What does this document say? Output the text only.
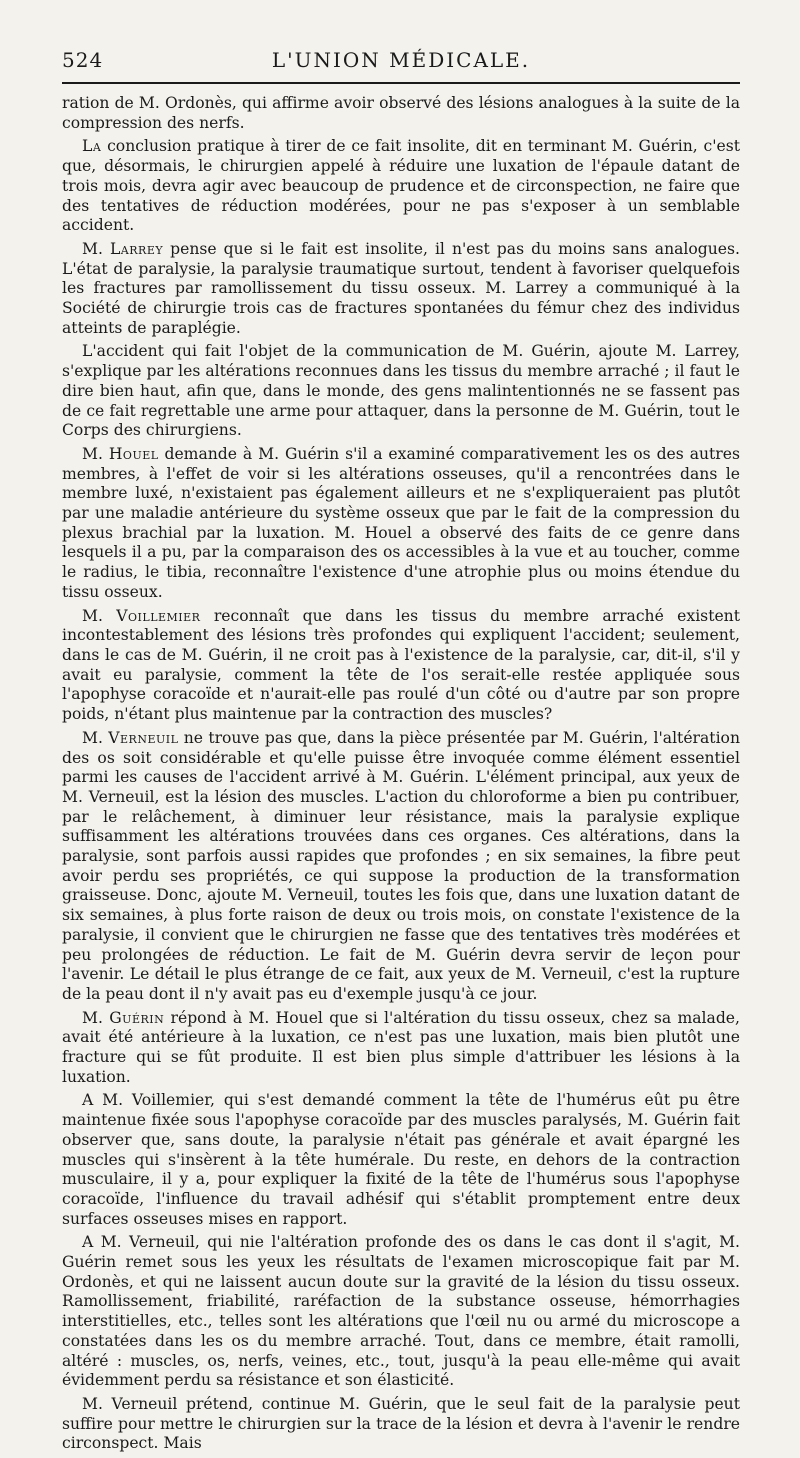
524	L'UNION MÉDICALE.

ration de M. Ordonès, qui affirme avoir observé des lésions analogues à la suite de la compression des nerfs.

La conclusion pratique à tirer de ce fait insolite, dit en terminant M. Guérin, c'est que, désormais, le chirurgien appelé à réduire une luxation de l'épaule datant de trois mois, devra agir avec beaucoup de prudence et de circonspection, ne faire que des tentatives de réduction modérées, pour ne pas s'exposer à un semblable accident.

M. Larrey pense que si le fait est insolite, il n'est pas du moins sans analogues. L'état de paralysie, la paralysie traumatique surtout, tendent à favoriser quelquefois les fractures par ramollissement du tissu osseux. M. Larrey a communiqué à la Société de chirurgie trois cas de fractures spontanées du fémur chez des individus atteints de paraplégie.

L'accident qui fait l'objet de la communication de M. Guérin, ajoute M. Larrey, s'explique par les altérations reconnues dans les tissus du membre arraché ; il faut le dire bien haut, afin que, dans le monde, des gens malintentionnés ne se fassent pas de ce fait regrettable une arme pour attaquer, dans la personne de M. Guérin, tout le Corps des chirurgiens.

M. Houel demande à M. Guérin s'il a examiné comparativement les os des autres membres, à l'effet de voir si les altérations osseuses, qu'il a rencontrées dans le membre luxé, n'existaient pas également ailleurs et ne s'expliqueraient pas plutôt par une maladie antérieure du système osseux que par le fait de la compression du plexus brachial par la luxation. M. Houel a observé des faits de ce genre dans lesquels il a pu, par la comparaison des os accessibles à la vue et au toucher, comme le radius, le tibia, reconnaître l'existence d'une atrophie plus ou moins étendue du tissu osseux.

M. Voillemier reconnaît que dans les tissus du membre arraché existent incontestablement des lésions très profondes qui expliquent l'accident; seulement, dans le cas de M. Guérin, il ne croit pas à l'existence de la paralysie, car, dit-il, s'il y avait eu paralysie, comment la tête de l'os serait-elle restée appliquée sous l'apophyse coracoïde et n'aurait-elle pas roulé d'un côté ou d'autre par son propre poids, n'étant plus maintenue par la contraction des muscles?

M. Verneuil ne trouve pas que, dans la pièce présentée par M. Guérin, l'altération des os soit considérable et qu'elle puisse être invoquée comme élément essentiel parmi les causes de l'accident arrivé à M. Guérin. L'élément principal, aux yeux de M. Verneuil, est la lésion des muscles. L'action du chloroforme a bien pu contribuer, par le relâchement, à diminuer leur résistance, mais la paralysie explique suffisamment les altérations trouvées dans ces organes. Ces altérations, dans la paralysie, sont parfois aussi rapides que profondes ; en six semaines, la fibre peut avoir perdu ses propriétés, ce qui suppose la production de la transformation graisseuse. Donc, ajoute M. Verneuil, toutes les fois que, dans une luxation datant de six semaines, à plus forte raison de deux ou trois mois, on constate l'existence de la paralysie, il convient que le chirurgien ne fasse que des tentatives très modérées et peu prolongées de réduction. Le fait de M. Guérin devra servir de leçon pour l'avenir. Le détail le plus étrange de ce fait, aux yeux de M. Verneuil, c'est la rupture de la peau dont il n'y avait pas eu d'exemple jusqu'à ce jour.

M. Guérin répond à M. Houel que si l'altération du tissu osseux, chez sa malade, avait été antérieure à la luxation, ce n'est pas une luxation, mais bien plutôt une fracture qui se fût produite. Il est bien plus simple d'attribuer les lésions à la luxation.

A M. Voillemier, qui s'est demandé comment la tête de l'humérus eût pu être maintenue fixée sous l'apophyse coracoïde par des muscles paralysés, M. Guérin fait observer que, sans doute, la paralysie n'était pas générale et avait épargné les muscles qui s'insèrent à la tête humérale. Du reste, en dehors de la contraction musculaire, il y a, pour expliquer la fixité de la tête de l'humérus sous l'apophyse coracoïde, l'influence du travail adhésif qui s'établit promptement entre deux surfaces osseuses mises en rapport.

A M. Verneuil, qui nie l'altération profonde des os dans le cas dont il s'agit, M. Guérin remet sous les yeux les résultats de l'examen microscopique fait par M. Ordonès, et qui ne laissent aucun doute sur la gravité de la lésion du tissu osseux. Ramollissement, friabilité, raréfaction de la substance osseuse, hémorrhagies interstitielles, etc., telles sont les altérations que l'œil nu ou armé du microscope a constatées dans les os du membre arraché. Tout, dans ce membre, était ramolli, altéré : muscles, os, nerfs, veines, etc., tout, jusqu'à la peau elle-même qui avait évidemment perdu sa résistance et son élasticité.

M. Verneuil prétend, continue M. Guérin, que le seul fait de la paralysie peut suffire pour mettre le chirurgien sur la trace de la lésion et devra à l'avenir le rendre circonspect. Mais
